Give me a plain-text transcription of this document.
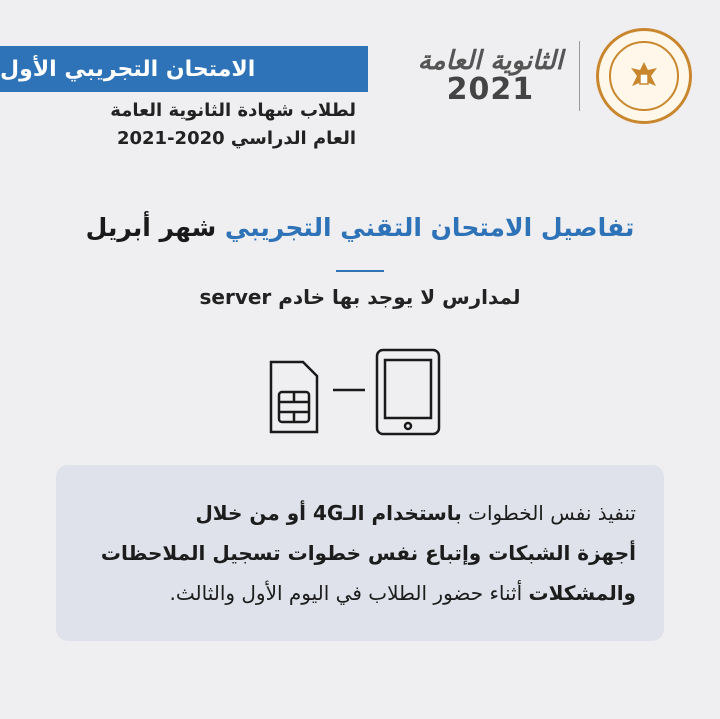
الامتحان التجريبي الأول
لطلاب شهادة الثانوية العامة
العام الدراسي 2020-2021
الثانوية العامة
2021
تفاصيل الامتحان التقني التجريبي شهر أبريل
لمدارس لا يوجد بها خادم server

تنفيذ نفس الخطوات باستخدام الـ4G أو من خلال

أجهزة الشبكات وإتباع نفس خطوات تسجيل الملاحظات

والمشكلات أثناء حضور الطلاب في اليوم الأول والثالث.
